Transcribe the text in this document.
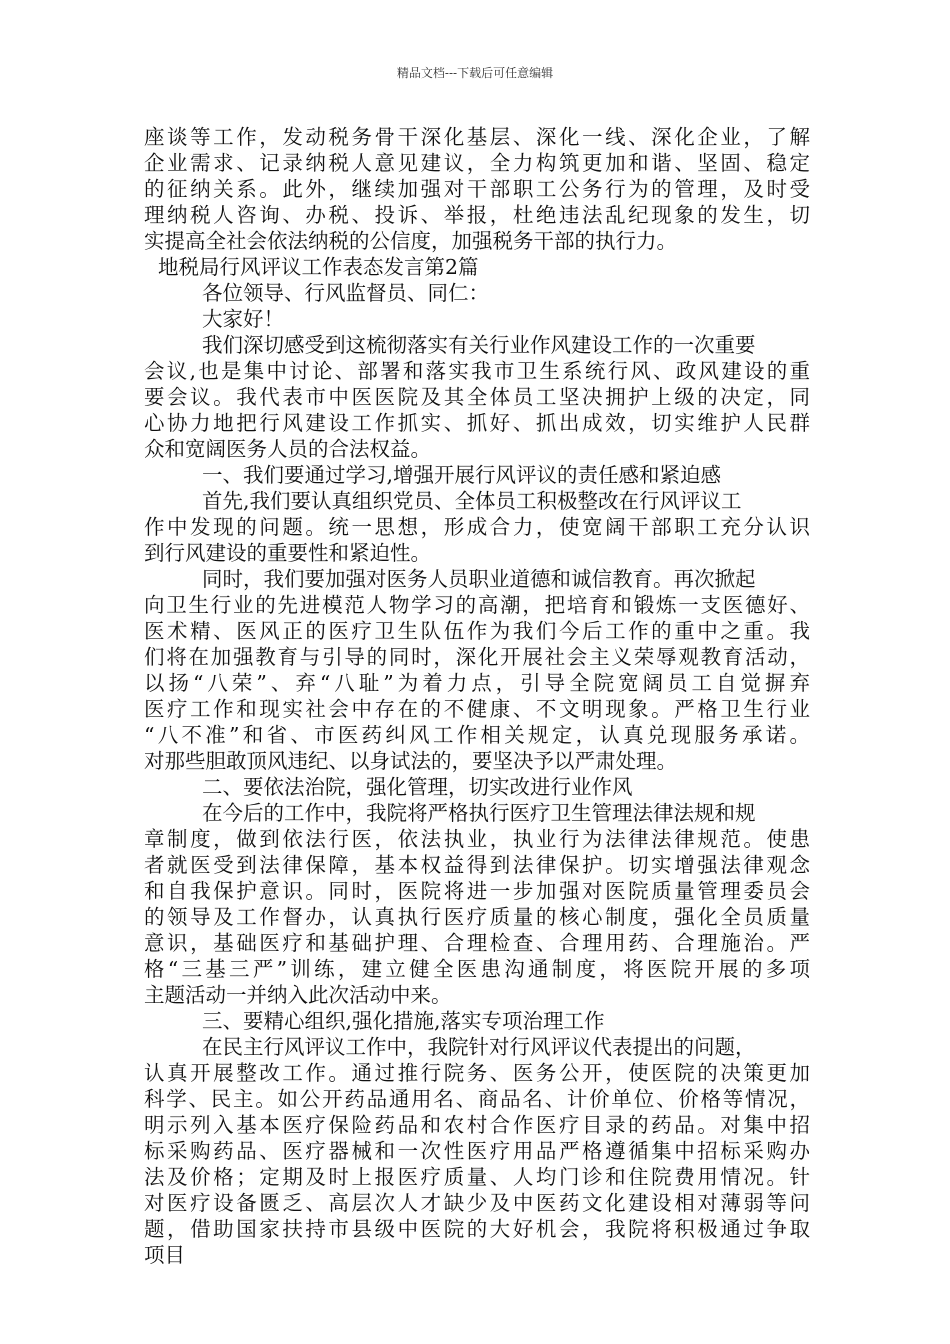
精品文档---下载后可任意编辑
座谈等工作，发动税务骨干深化基层、深化一线、深化企业，了解
企业需求、记录纳税人意见建议，全力构筑更加和谐、坚固、稳定
的征纳关系。此外，继续加强对干部职工公务行为的管理，及时受
理纳税人咨询、办税、投诉、举报，杜绝违法乱纪现象的发生，切
实提高全社会依法纳税的公信度，加强税务干部的执行力。
地税局行风评议工作表态发言第2篇
各位领导、行风监督员、同仁：
大家好！
我们深切感受到这梳彻落实有关行业作风建设工作的一次重要
会议,也是集中讨论、部署和落实我市卫生系统行风、政风建设的重
要会议。我代表市中医医院及其全体员工坚决拥护上级的决定，同
心协力地把行风建设工作抓实、抓好、抓出成效，切实维护人民群
众和宽阔医务人员的合法权益。
一、我们要通过学习,增强开展行风评议的责任感和紧迫感
首先,我们要认真组织党员、全体员工积极整改在行风评议工
作中发现的问题。统一思想，形成合力，使宽阔干部职工充分认识
到行风建设的重要性和紧迫性。
同时，我们要加强对医务人员职业道德和诚信教育。再次掀起
向卫生行业的先进模范人物学习的高潮，把培育和锻炼一支医德好、
医术精、医风正的医疗卫生队伍作为我们今后工作的重中之重。我
们将在加强教育与引导的同时，深化开展社会主义荣辱观教育活动，
以扬“八荣”、弃“八耻”为着力点，引导全院宽阔员工自觉摒弃
医疗工作和现实社会中存在的不健康、不文明现象。严格卫生行业
“八不准”和省、市医药纠风工作相关规定，认真兑现服务承诺。
对那些胆敢顶风违纪、以身试法的，要坚决予以严肃处理。
二、要依法治院，强化管理，切实改进行业作风
在今后的工作中，我院将严格执行医疗卫生管理法律法规和规
章制度，做到依法行医，依法执业，执业行为法律法律规范。使患
者就医受到法律保障，基本权益得到法律保护。切实增强法律观念
和自我保护意识。同时，医院将进一步加强对医院质量管理委员会
的领导及工作督办，认真执行医疗质量的核心制度，强化全员质量
意识，基础医疗和基础护理、合理检查、合理用药、合理施治。严
格“三基三严”训练，建立健全医患沟通制度，将医院开展的多项
主题活动一并纳入此次活动中来。
三、要精心组织,强化措施,落实专项治理工作
在民主行风评议工作中，我院针对行风评议代表提出的问题，
认真开展整改工作。通过推行院务、医务公开，使医院的决策更加
科学、民主。如公开药品通用名、商品名、计价单位、价格等情况，
明示列入基本医疗保险药品和农村合作医疗目录的药品。对集中招
标采购药品、医疗器械和一次性医疗用品严格遵循集中招标采购办
法及价格；定期及时上报医疗质量、人均门诊和住院费用情况。针
对医疗设备匮乏、高层次人才缺少及中医药文化建设相对薄弱等问
题，借助国家扶持市县级中医院的大好机会，我院将积极通过争取
项目
